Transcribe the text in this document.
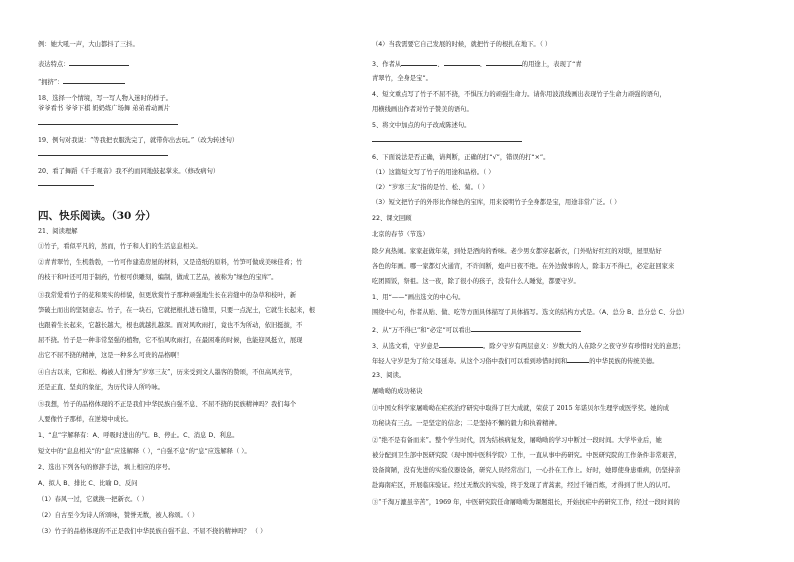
例：她大吼一声，大山都抖了三抖。
表达特点：
“拥挤”：
18、选择一个情境，写一写人物入迷时的样子。
爷爷看书 爷爷下棋 奶奶练广场舞 弟弟看动画片
19、例句对我说：“等我把衣服洗完了，就带你出去玩。”（改为转述句）
20、看了舞蹈《千手观音》我不约而同地鼓起掌来。（修改病句）
四、快乐阅读。（30 分）
21、阅读理解
①竹子，看似平凡的，然而，竹子和人们的生活息息相关。
②青青翠竹，生机勃勃，一竹可作建造房屋的材料，又是造纸的原料，竹笋可做成美味佳肴；竹
的枝干和叶还可用于制药，竹根可供雕刻，编制，做成工艺品，被称为“绿色的宝库”。
③我常爱看竹子的花和果实的样貌，但更欣赏竹子那种顽强地生长在岩缝中的杂草和枝叶，新
笋破土而出的坚韧意志。竹子，在一块石，它就把根扎进石缝里，只要一点泥土，它就生长起来，根
也跟着生长起来，它越长越大，根也就越扎越深。面对风吹雨打，竟也不为所动，依旧挺拔，不
屈不挠。竹子是一种非常坚强的植物，它不怕风吹雨打，在最困难的时候，也能迎风挺立，展现
出它不屈不挠的精神，这是一种多么可贵的品格啊！
④自古以来，它和松、梅被人们誉为“岁寒三友”，历来受到文人墨客的赞颂，不但高风亮节，
还是正直、坚贞的象征，为历代诗人所吟咏。
⑤我想，竹子的品格体现的不正是我们中华民族自强不息、不屈不挠的民族精神吗？我们每个
人要像竹子那样，在逆境中成长。
1、“息”字解释有：A、呼吸时进出的气。B、停止。C、消息 D、利息。
短文中的“息息相关”的“息”应选解释（ ），“自强不息”的“息”应选解释（ ）。
2、选出下列各句的修辞手法，填上相应的序号。
A、拟人 B、排比 C、比喻 D、反问
（1）春风一过，它就换一把新衣。（ ）
（2）自古至今为诗人所颂咏，赞誉无数，被人称颂。（ ）
（3）竹子的品格体现的不正是我们中华民族自强不息、不屈不挠的精神吗？ （ ）
（4）当我需要它自己发展的时候，就把竹子的根扎在地下。（ ）
3、作者从	、	、	的用途上，表现了“青
青翠竹，全身是宝”。
4、短文重点写了竹子不屈不挠，不惧压力的顽强生命力。请你用波浪线画出表现竹子生命力顽强的语句，
用横线画出作者对竹子赞美的语句。
5、将文中加点的句子改成陈述句。
6、下面说法是否正确，请判断，正确的打“√”，错误的打“×”。
（1）这篇短文写了竹子的用途和品格。（ ）
（2）“岁寒三友”指的是竹、松、菊。（ ）
（3）短文把竹子的外形比作绿色的宝库，用来说明竹子全身都是宝，用途非常广泛。（ ）
22、课文回顾
北京的春节（节选）
除夕真热闹。家家赶做年菜，到处是酒肉的香味。老少男女都穿起新衣，门外贴好红红的对联，屋里贴好
各色的年画。哪一家都灯火通宵，不许间断，炮声日夜不绝。在外边做事的人，除非万不得已，必定赶回家来
吃团圆饭，祭祖。这一夜，除了很小的孩子，没有什么人睡觉，都要守岁。
1、用“——”画出选文的中心句。
围绕中心句，作者从贴、做、吃等方面具体描写了具体描写。选文的结构方式是。（A、总分 B、总分总 C、分总）
2、从“万不得已”和“必定”可以看出
3、从选文看，守岁意是	。除夕守岁有两层意义：岁数大的人在除夕之夜守岁有珍惜时光的意思；
年轻人守岁是为了给父母延寿。从这个习俗中我们可以看到珍惜时间和	的中华民族的传统美德。
23、阅读。
屠呦呦的成功秘诀
①中国女科学家屠呦呦在疟疾治疗研究中取得了巨大成就，荣获了 2015 年诺贝尔生理学或医学奖。她的成
功秘诀有三点。一是坚定的信念；二是坚持不懈的毅力和执着精神。
②“绝不是有备而来”。整个学生时代，因为结核病复发，屠呦呦的学习中断过一段时间。大学毕业后，她
被分配到卫生部中医研究院（现中国中医科学院）工作，一直从事中药研究。中医研究院的工作条件非常艰苦，
设备简陋，没有先进的实验仪器设备，研究人员经常出门，一心扑在工作上。好时，她即使身患重病，仍坚持亲
赴海南疟区，开展临床验证。经过无数次的实验，终于发现了青蒿素，经过千锤百炼，才得到了世人的认可。
③“千淘万漉虽辛苦”，1969 年，中医研究院任命屠呦呦为课题组长，开始抗疟中药研究工作，经过一段时间的
